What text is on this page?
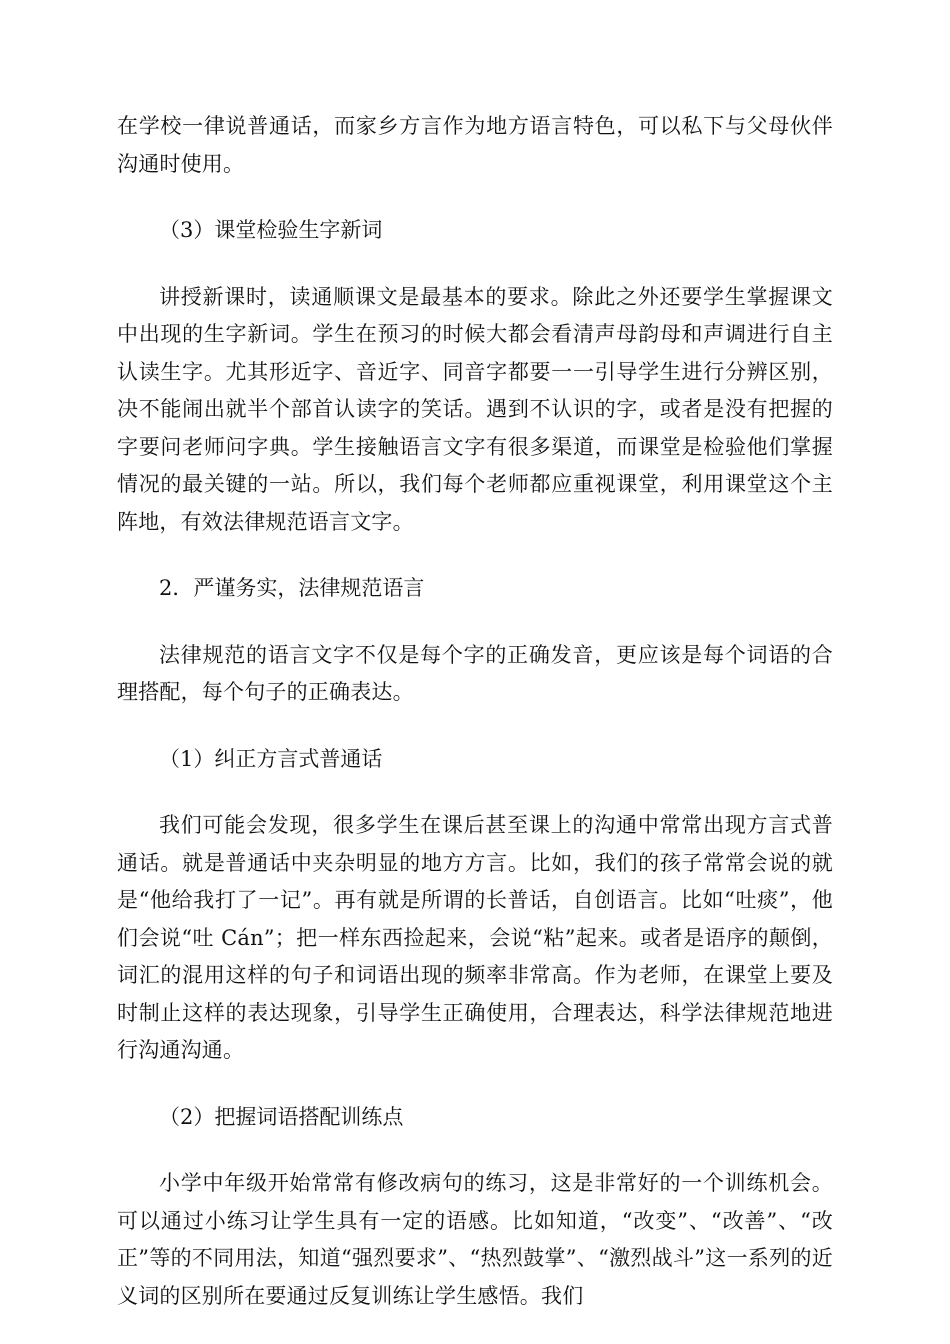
在学校一律说普通话，而家乡方言作为地方语言特色，可以私下与父母伙伴沟通时使用。

（3）课堂检验生字新词

讲授新课时，读通顺课文是最基本的要求。除此之外还要学生掌握课文中出现的生字新词。学生在预习的时候大都会看清声母韵母和声调进行自主认读生字。尤其形近字、音近字、同音字都要一一引导学生进行分辨区别，决不能闹出就半个部首认读字的笑话。遇到不认识的字，或者是没有把握的字要问老师问字典。学生接触语言文字有很多渠道，而课堂是检验他们掌握情况的最关键的一站。所以，我们每个老师都应重视课堂，利用课堂这个主阵地，有效法律规范语言文字。

2．严谨务实，法律规范语言

法律规范的语言文字不仅是每个字的正确发音，更应该是每个词语的合理搭配，每个句子的正确表达。

（1）纠正方言式普通话

我们可能会发现，很多学生在课后甚至课上的沟通中常常出现方言式普通话。就是普通话中夹杂明显的地方方言。比如，我们的孩子常常会说的就是“他给我打了一记”。再有就是所谓的长普话，自创语言。比如“吐痰”，他们会说“吐 Cán”；把一样东西捡起来，会说“粘”起来。或者是语序的颠倒，词汇的混用这样的句子和词语出现的频率非常高。作为老师，在课堂上要及时制止这样的表达现象，引导学生正确使用，合理表达，科学法律规范地进行沟通沟通。

（2）把握词语搭配训练点

小学中年级开始常常有修改病句的练习，这是非常好的一个训练机会。可以通过小练习让学生具有一定的语感。比如知道，“改变”、“改善”、“改正”等的不同用法，知道“强烈要求”、“热烈鼓掌”、“激烈战斗”这一系列的近义词的区别所在要通过反复训练让学生感悟。我们
